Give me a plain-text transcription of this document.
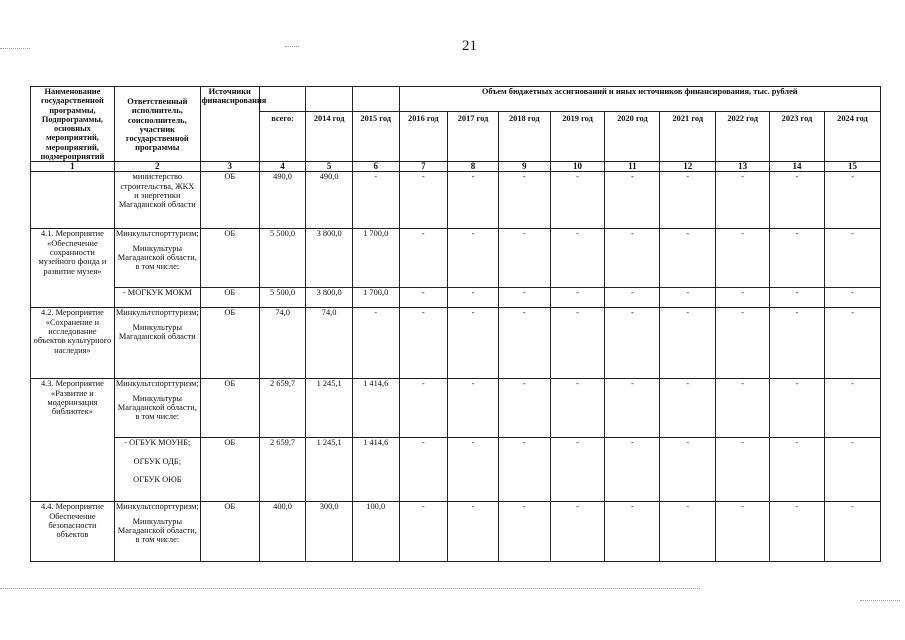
21
Наименование государственной программы, Подпрограммы, основных мероприятий, мероприятий, подмероприятий	Ответственный исполнитель, соисполнитель, участник государственной программы	Источники финансирования				Объем бюджетных ассигнований и иных источников финансирования, тыс. рублей								
			всего:	2014 год	2015 год	2016 год	2017 год	2018 год	2019 год	2020 год	2021 год	2022 год	2023 год	2024 год
1	2	3	4	5	6	7	8	9	10	11	12	13	14	15

	министерство строительства, ЖКХ
и энергетики Магаданской области	ОБ	490,0	490,0	-	-	-	-	-	-	-	-	-	-
4.1. Мероприятие «Обеспечение сохранности музейного фонда и развитие музея»	Минкультспорттуризм;
Минкультуры Магаданской области,
в том числе:	ОБ	5 500,0	3 800,0	1 700,0	-	-	-	-	-	-	-	-	-
	- МОГКУК МОКМ	ОБ	5 500,0	3 800,0	1 700,0	-	-	-	-	-	-	-	-	-
4.2. Мероприятие «Сохранение и исследование объектов культурного наследия»	Минкультспорттуризм;
Минкультуры Магаданской области	ОБ	74,0	74,0	-	-	-	-	-	-	-	-	-	-
4.3. Мероприятие «Развитие и модернизация библиотек»	Минкультспорттуризм;
Минкультуры Магаданской области,
в том числе:	ОБ	2 659,7	1 245,1	1 414,6	-	-	-	-	-	-	-	-	-

	- ОГБУК МОУНБ;
ОГБУК ОДБ;
ОГБУК ОЮБ	ОБ	2 659,7	1 245,1	1 414,6	-	-	-	-	-	-	-	-	-
4.4. Мероприятие Обеспечение безопасности объектов	Минкультспорттуризм;
Минкультуры Магаданской области,
в том числе:	ОБ	400,0	300,0	100,0	-	-	-	-	-	-	-	-	-
